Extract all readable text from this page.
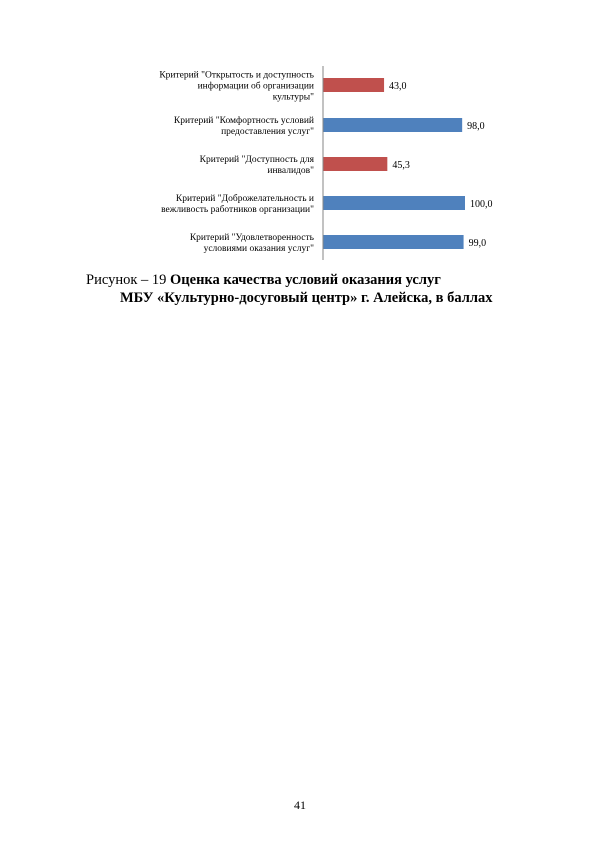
Критерий "Открытость и доступность информации об организации культуры"
43,0
Критерий "Комфортность условий предоставления услуг"	98,0
Критерий "Доступность для инвалидов"	45,3
Критерий "Доброжелательность и вежливость работников организации"	100,0
Критерий "Удовлетворенность условиями оказания услуг"	99,0
Рисунок – 19 Оценка качества условий оказания услуг
МБУ «Культурно-досуговый центр» г. Алейска, в баллах
41
